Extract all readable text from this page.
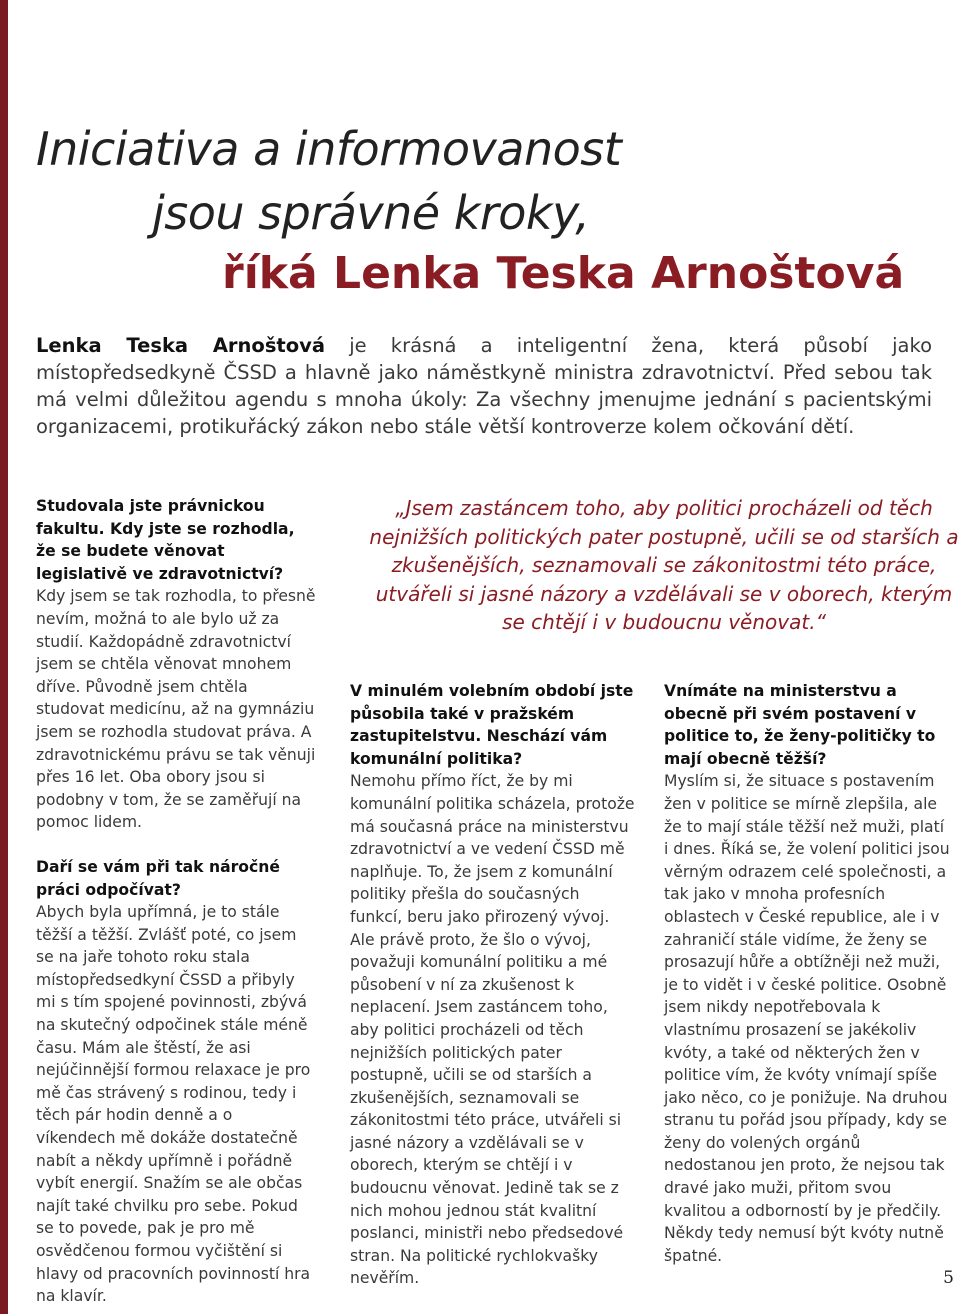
Iniciativa a informovanost
jsou správné kroky,
říká Lenka Teska Arnoštová
Lenka Teska Arnoštová je krásná a inteligentní žena, která působí jako místopředsedkyně ČSSD a hlavně jako náměstkyně ministra zdravotnictví. Před sebou tak má velmi důležitou agendu s mnoha úkoly: Za všechny jmenujme jednání s pacientskými organizacemi, protikuřácký zákon nebo stále větší kontroverze kolem očkování dětí.

Studovala jste právnickou fakultu. Kdy jste se rozhodla, že se budete věnovat legislativě ve zdravotnictví?

Kdy jsem se tak rozhodla, to přesně nevím, možná to ale bylo už za studií. Každopádně zdravotnictví jsem se chtěla věnovat mnohem dříve. Původně jsem chtěla studovat medicínu, až na gymnáziu jsem se rozhodla studovat práva. A zdravotnickému právu se tak věnuji přes 16 let. Oba obory jsou si podobny v tom, že se zaměřují na pomoc lidem.

Daří se vám při tak náročné práci odpočívat?

Abych byla upřímná, je to stále těžší a těžší. Zvlášť poté, co jsem se na jaře tohoto roku stala místopředsedkyní ČSSD a přibyly mi s tím spojené povinnosti, zbývá na skutečný odpočinek stále méně času. Mám ale štěstí, že asi nejúčinnější formou relaxace je pro mě čas strávený s rodinou, tedy i těch pár hodin denně a o víkendech mě dokáže dostatečně nabít a někdy upřímně i pořádně vybít energií. Snažím se ale občas najít také chvilku pro sebe. Pokud se to povede, pak je pro mě osvědčenou formou vyčištění si hlavy od pracovních povinností hra na klavír.

„Jsem zastáncem toho, aby politici procházeli od těch nejnižších politických pater postupně, učili se od starších a zkušenějších, seznamovali se zákonitostmi této práce, utvářeli si jasné názory a vzdělávali se v oborech, kterým se chtějí i v budoucnu věnovat.“

V minulém volebním období jste působila také v pražském zastupitelstvu. Neschází vám komunální politika?

Nemohu přímo říct, že by mi komunální politika scházela, protože má současná práce na ministerstvu zdravotnictví a ve vedení ČSSD mě naplňuje. To, že jsem z komunální politiky přešla do současných funkcí, beru jako přirozený vývoj. Ale právě proto, že šlo o vývoj, považuji komunální politiku a mé působení v ní za zkušenost k neplacení. Jsem zastáncem toho, aby politici procházeli od těch nejnižších politických pater postupně, učili se od starších a zkušenějších, seznamovali se zákonitostmi této práce, utvářeli si jasné názory a vzdělávali se v oborech, kterým se chtějí i v budoucnu věnovat. Jedině tak se z nich mohou jednou stát kvalitní poslanci, ministři nebo předsedové stran. Na politické rychlokvašky nevěřím.

Vnímáte na ministerstvu a obecně při svém postavení v politice to, že ženy-političky to mají obecně těžší?

Myslím si, že situace s postavením žen v politice se mírně zlepšila, ale že to mají stále těžší než muži, platí i dnes. Říká se, že volení politici jsou věrným odrazem celé společnosti, a tak jako v mnoha profesních oblastech v České republice, ale i v zahraničí stále vidíme, že ženy se prosazují hůře a obtížněji než muži, je to vidět i v české politice. Osobně jsem nikdy nepotřebovala k vlastnímu prosazení se jakékoliv kvóty, a také od některých žen v politice vím, že kvóty vnímají spíše jako něco, co je ponižuje. Na druhou stranu tu pořád jsou případy, kdy se ženy do volených orgánů nedostanou jen proto, že nejsou tak dravé jako muži, přitom svou kvalitou a odborností by je předčily. Někdy tedy nemusí být kvóty nutně špatné.

5
